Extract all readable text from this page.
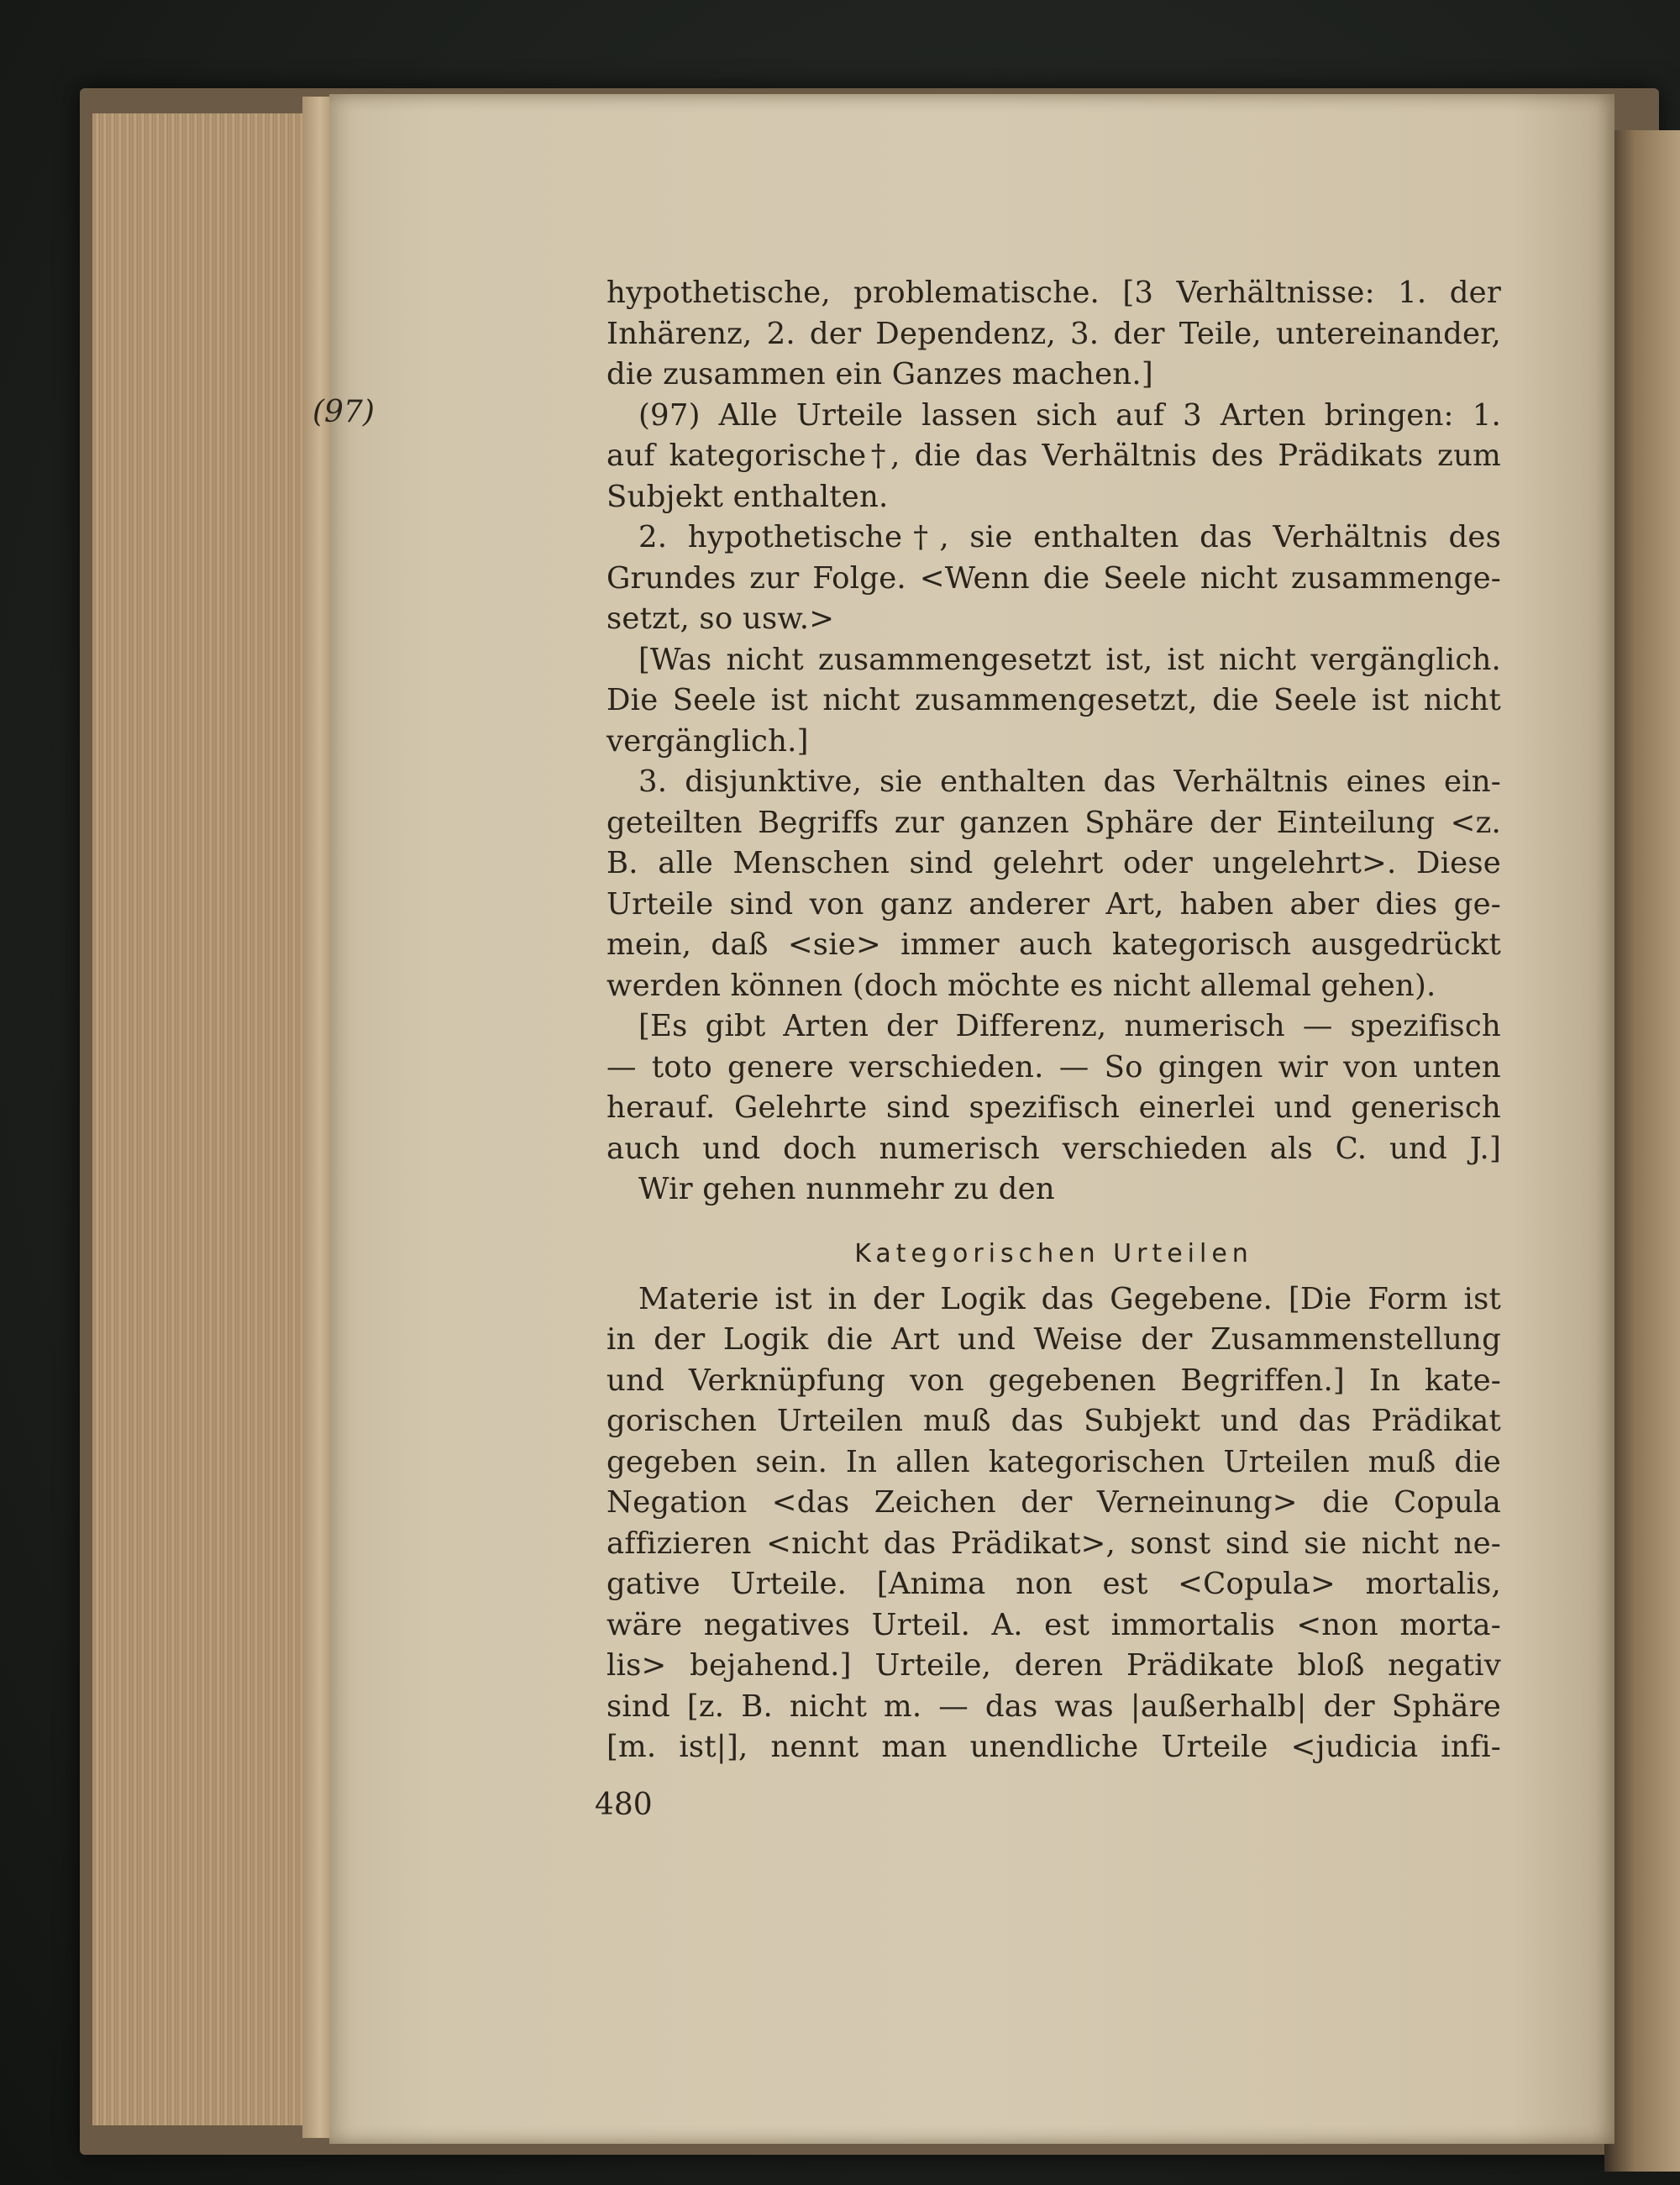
(97)
hypothetische, problematische. [3 Verhältnisse: 1. der
Inhärenz, 2. der Dependenz, 3. der Teile, untereinander,
die zusammen ein Ganzes machen.]
(97) Alle Urteile lassen sich auf 3 Arten bringen: 1.
auf kategorische†, die das Verhältnis des Prädikats zum
Subjekt enthalten.
2. hypothetische†, sie enthalten das Verhältnis des
Grundes zur Folge. <Wenn die Seele nicht zusammenge-
setzt, so usw.>
[Was nicht zusammengesetzt ist, ist nicht vergänglich.
Die Seele ist nicht zusammengesetzt, die Seele ist nicht
vergänglich.]
3. disjunktive, sie enthalten das Verhältnis eines ein-
geteilten Begriffs zur ganzen Sphäre der Einteilung <z.
B. alle Menschen sind gelehrt oder ungelehrt>. Diese
Urteile sind von ganz anderer Art, haben aber dies ge-
mein, daß <sie> immer auch kategorisch ausgedrückt
werden können (doch möchte es nicht allemal gehen).
[Es gibt Arten der Differenz, numerisch — spezifisch
— toto genere verschieden. — So gingen wir von unten
herauf. Gelehrte sind spezifisch einerlei und generisch
auch und doch numerisch verschieden als C. und J.]
Wir gehen nunmehr zu den
Kategorischen Urteilen
Materie ist in der Logik das Gegebene. [Die Form ist
in der Logik die Art und Weise der Zusammenstellung
und Verknüpfung von gegebenen Begriffen.] In kate-
gorischen Urteilen muß das Subjekt und das Prädikat
gegeben sein. In allen kategorischen Urteilen muß die
Negation <das Zeichen der Verneinung> die Copula
affizieren <nicht das Prädikat>, sonst sind sie nicht ne-
gative Urteile. [Anima non est <Copula> mortalis,
wäre negatives Urteil. A. est immortalis <non morta-
lis> bejahend.] Urteile, deren Prädikate bloß negativ
sind [z. B. nicht m. — das was |außerhalb| der Sphäre
[m. ist|], nennt man unendliche Urteile <judicia infi-
480
